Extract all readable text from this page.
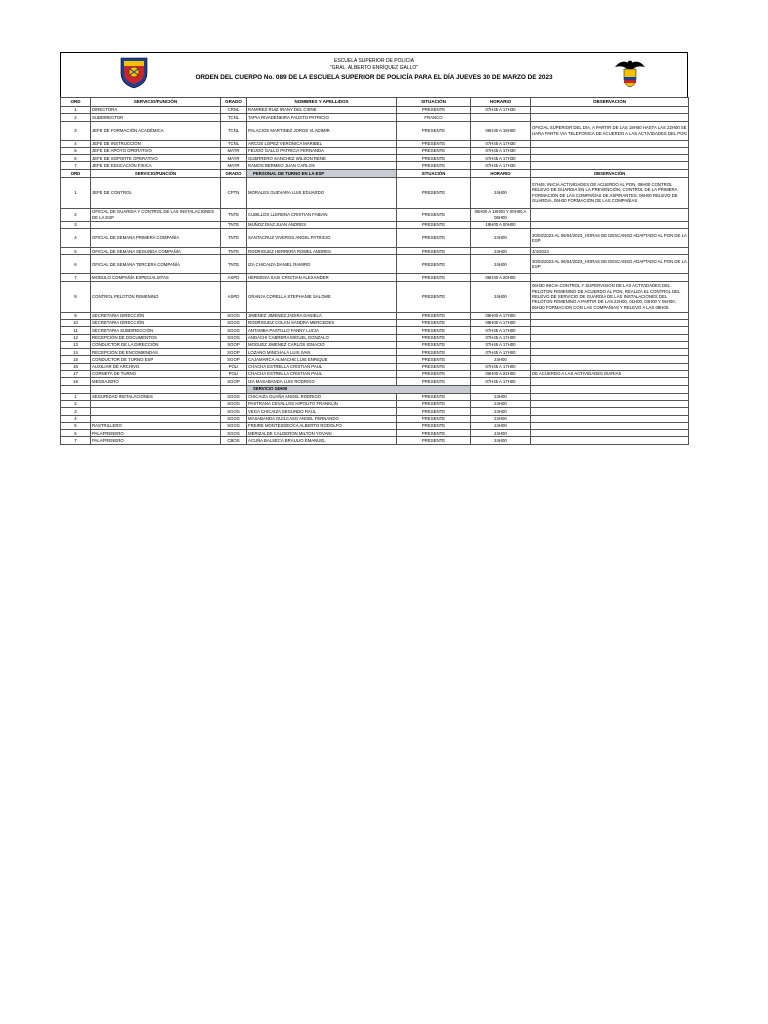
ESCUELA SUPERIOR DE POLICIA
"GRAL. ALBERTO ENRÍQUEZ GALLO"
ORDEN DEL CUERPO No. 089 DE LA ESCUELA SUPERIOR DE POLICÍA PARA EL DÍA JUEVES 30 DE MARZO DE 2023
ORD	SERVICIO/FUNCIÓN	GRADO	NOMBRES Y APELLIDOS	SITUACIÓN	HORARIO	OBSERVACIÓN
1	DIRECTORA	CRNL	RAMIREZ RUIZ IRANY DEL CISNE	PRESENTE	07H45 A 17H30	
2	SUBDIRECTOR	TCNL	TAPIA RIVADENEIRA FAUSTO PATRICIO	FRANCO		
3	JEFE DE FORMACIÓN ACADÉMICA	TCNL	PALACIOS MARTINEZ JORGE VLADIMIR	PRESENTE	06H30 A 18H00	OFICIAL SUPERIOR DEL DIA, A PARTIR DE LAS 18H00 HASTA LAS 22H00 SE HARA PARTE VIA TELEFONICA DE ACUERDO A LAS ACTIVIDADES DEL PON
4	JEFE DE INSTRUCCIÓN	TCNL	ARCOS LOPEZ VERONICA MARIBEL	PRESENTE	07H45 A 17H30	
5	JEFE DE APOYO OPERATIVO	MAYR	FEIJOO GALLO PATRICIA FERNANDA	PRESENTE	07H45 A 17H30	
6	JEFE DE SOPORTE OPERATIVO	MAYR	GUERRERO SANCHEZ WILSON RENE	PRESENTE	07H45 A 17H30	
7	JEFE DE EDUCACIÓN FÍSICA	MAYR	RAMOS BERMEO JUAN CARLOS	PRESENTE	07H45 A 17H30	
ORD	SERVICIO/FUNCIÓN	GRADO	PERSONAL DE TURNO EN LA ESP	SITUACIÓN	HORARIO	OBSERVACIÓN
1	JEFE DE CONTROL	CPTN	MORALES GUEVARA LUIS EDUARDO	PRESENTE	24H00	07H45: INICIA ACTIVIDADES DE ACUERDO AL PON, 08H00 CONTROL RELEVO DE GUARDIA EN LA PREVENCIÓN, CONTROL DE LA PRIMERA FORMACIÓN DE LAS COMPAÑÍAS DE ASPIRANTES, 06H00 RELEVO DE GUARDIA, 06H30 FORMACIÓN DE LAS COMPAÑÍAS
2	OFICIAL DE GUARDIA Y CONTROL DE LAS INSTALACIONES DE LA ESP	TNTE	CUBILLOS LLERENA CRISTIAN FABIAN	PRESENTE	06H00 A 18H00 Y 00H00 A 06H00	
3		TNTE	MUÑOZ DIAZ JUAN ANDRES	PRESENTE	18H00 A 00H00	
4	OFICIAL DE SEMANA PRIMERA COMPAÑÍA	TNTE	SANTACRUZ VIVEROS ANGEL PATRICIO	PRESENTE	24H00	30/03/2023 AL 06/04/2023_HORAS DE DESCANSO ADAPTADO AL PON DE LA ESP
5	OFICIAL DE SEMANA SEGUNDA COMPAÑÍA	TNTE	RODRIGUEZ HERRERA ROMEL ANDRES	PRESENTE	24H00	3/4/2023
6	OFICIAL DE SEMANA TERCERA COMPAÑÍA	TNTE	IZA CHICAIZA DANIEL RAMIRO	PRESENTE	24H00	30/03/2023 AL 06/04/2023_HORAS DE DESCANSO ADAPTADO AL PON DE LA ESP
7	MODULO COMPAÑÍA ESPECIALISTAS	ASPD	HERMOSA SASI CRISTIAN ALEXANDER	PRESENTE	06H30 A 20H00	
8	CONTROL PELOTÓN FEMENINO	ASPD	GRANJA CORELLA STEPHANIE SALOME	PRESENTE	24H00	06H30 INICIA CONTROL Y SUPERVISION DE LAS ACTIVIDADES DEL PELOTON FEMENINO DE ACUERDO AL PON, REALIZA EL CONTROL DEL RELEVO DE SERVICIO DE GUARDIA DE LAS INSTALACIONES DEL PELOTON FEMENINO A PARTIR DE LAS 22H00, 01H00, 03H00 Y 05H00, 06H30 FORMACION CON LAS COMPAÑIAS Y RELEVO A LAS 08H00.
9	SECRETARIA DIRECCIÓN	SGOS	JIMENEZ JIMENEZ JADIRA DANIELA	PRESENTE	08H00 A 17H00	
10	SECRETARIA DIRECCIÓN	SGOS	RODRIGUEZ COLAN SANDRA MERCEDES	PRESENTE	08H00 A 17H00	
11	SECRETARIA SUBDIRECCIÓN	SGOS	ANTAMBA PASTILLO FANNY LUCIA	PRESENTE	07H45 A 17H00	
12	RECEPCIÓN DE DOCUMENTOS	SGOS	ANDACHI CABRERA MIGUEL GONZALO	PRESENTE	07H45 A 17H00	
13	CONDUCTOR DE LA DIRECCIÓN	SGOP	MOGUEZ JIMENEZ CARLOS IGNACIO	PRESENTE	07H45 A 17H00	
14	RECEPCIÓN DE ENCOMIENDAS	SGOP	LOZANO MINCHALA LUIS IVAN	PRESENTE	07H45 A 17H00	
15	CONDUCTOR DE TURNO ESP	SGOP	CAJAMARCA ALMACHE LUIS ENRIQUE	PRESENTE	24H00	
16	AUXILIAR DE ARCHIVO	POLI	CHACHA ESTRELLA CRISTIAN PAUL	PRESENTE	07H45 A 17H00	
17	CORNETA DE TURNO	POLI	CHACHA ESTRELLA CRISTIAN PAUL	PRESENTE	06H00 A 22H00	DE ACUERDO A LAS ACTIVIDADES DIARIAS
18	MENSAJERO	SGOP	IZA MASABANDA LUIS RODRIGO	PRESENTE	07H45 A 17H00	
			SERVICIO 24H00			
1	SEGURIDAD INSTALACIONES	SGOS	CHICAIZA GUAÑA ANGEL RODRIGO	PRESENTE	24H00	
2		SGOS	PASTRANA CEVALLOS HIPOLITO FRANKLIN	PRESENTE	24H00	
3		SGOS	VEGA CHICAIZA SEGUNDO RAUL	PRESENTE	24H00	
4		SGOS	MASABANDA GUILCASO ANGEL FERNANDO	PRESENTE	24H00	
5	RASTRILLERO	SGOS	FREIRE MONTESDEOCA ALBERTO RODOLFO	PRESENTE	24H00	
6	PALAFRENERO	SGOS	MERIZALDE CALDERON MILTON YOVANI	PRESENTE	24H00	
7	PALAFRENERO	CBOS	ACUÑA BALSECA BRAULIO EMANUEL	PRESENTE	24H00	
